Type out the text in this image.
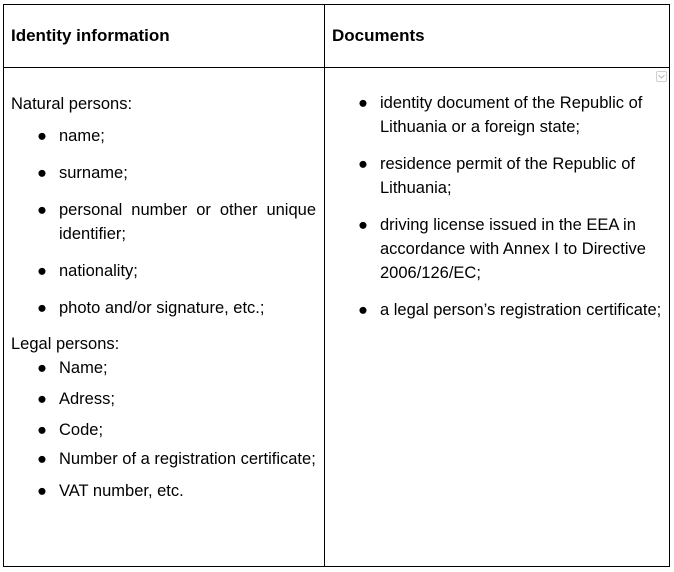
Identity information	Documents

Natural persons:

● name;
● surname;
● personal number or other unique identifier;
● nationality;
● photo and/or signature, etc.;

Legal persons:

● Name;
● Adress;
● Code;
● Number of a registration certificate;
● VAT number, etc.
● identity document of the Republic of Lithuania or a foreign state;
● residence permit of the Republic of Lithuania;
● driving license issued in the EEA in accordance with Annex I to Directive 2006/126/EC;
● a legal person’s registration certificate;
